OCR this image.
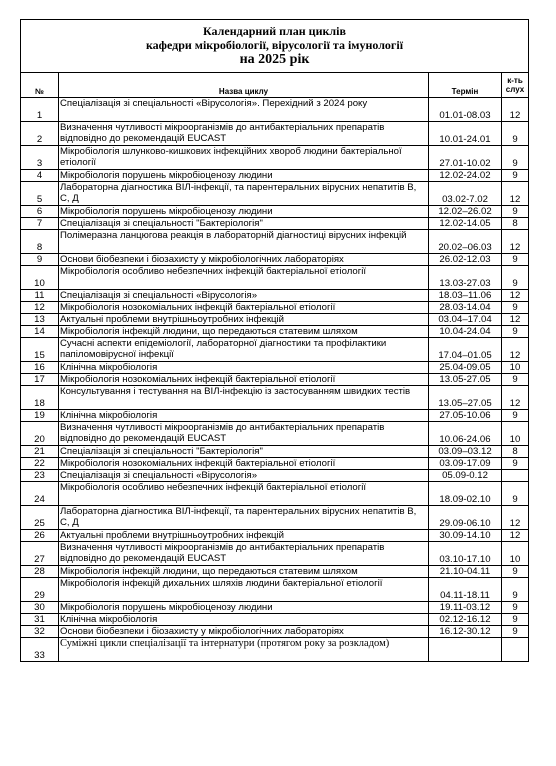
Календарний план циклів
кафедри мікробіології, вірусології та імунології
на 2025 рік			

№	Назва циклу	Термін	к-ть слух
1	Спеціалізація зі спеціальності «Вірусологія». Перехідний з 2024 року	01.01-08.03	12
2	Визначення чутливості мікроорганізмів до антибактеріальних препаратів відповідно до рекомендацій EUCAST	10.01-24.01	9
3	Мікробіологія шлунково-кишкових інфекційних хвороб людини бактеріальної етіології	27.01-10.02	9
4	Мікробіологія порушень мікробіоценозу людини	12.02-24.02	9
5	Лабораторна діагностика ВІЛ-інфекції, та парентеральних вірусних непатитів В, С, Д	03.02-7.02	12
6	Мікробіологія порушень мікробіоценозу людини	12.02–26.02	9
7	Спеціалізація зі спеціальності "Бактеріологія"	12.02-14.05	8
8	Полімеразна ланцюгова реакція в лабораторній діагностиці вірусних інфекцій	20.02–06.03	12
9	Основи біобезпеки і біозахисту у мікробіологічних лабораторіях	26.02-12.03	9
10	Мікробіологія особливо небезпечних інфекцій бактеріальної етіології	13.03-27.03	9
11	Спеціалізація зі спеціальності «Вірусологія»	18.03–11.06	12
12	Мікробіологія нозокоміальних інфекцій бактеріальної етіології	28.03-14.04	9
13	Актуальні проблеми внутрішньоутробних інфекцій	03.04–17.04	12
14	Мікробіологія інфекцій людини, що передаються статевим шляхом	10.04-24.04	9
15	Сучасні аспекти епідеміології, лабораторної діагностики та профілактики папіломовірусної інфекції	17.04–01.05	12
16	Клінічна мікробіологія	25.04-09.05	10
17	Мікробіологія нозокоміальних інфекцій бактеріальної етіології	13.05-27.05	9
18	Консультування і тестування на ВІЛ-інфекцію із застосуванням швидких тестів	13.05–27.05	12
19	Клінічна мікробіологія	27.05-10.06	9
20	Визначення чутливості мікроорганізмів до антибактеріальних препаратів відповідно до рекомендацій EUCAST	10.06-24.06	10
21	Спеціалізація зі спеціальності "Бактеріологія"	03.09–03.12	8
22	Мікробіологія нозокоміальних інфекцій бактеріальної етіології	03.09-17.09	9
23	Спеціалізація зі спеціальності «Вірусологія»	05.09-0.12	
24	Мікробіологія особливо небезпечних інфекцій бактеріальної етіології	18.09-02.10	9
25	Лабораторна діагностика ВІЛ-інфекції, та парентеральних вірусних непатитів В, С, Д	29.09-06.10	12
26	Актуальні проблеми внутрішньоутробних інфекцій	30.09-14.10	12
27	Визначення чутливості мікроорганізмів до антибактеріальних препаратів відповідно до рекомендацій EUCAST	03.10-17.10	10
28	Мікробіологія інфекцій людини, що передаються статевим шляхом	21.10-04.11	9
29	Мікробіологія інфекцій дихальних шляхів людини бактеріальної етіології	04.11-18.11	9
30	Мікробіологія порушень мікробіоценозу людини	19.11-03.12	9
31	Клінічна мікробіологія	02.12-16.12	9
32	Основи біобезпеки і біозахисту у мікробіологічних лабораторіях	16.12-30.12	9
33	Суміжні цикли спеціалізації та інтернатури (протягом року за розкладом)		
